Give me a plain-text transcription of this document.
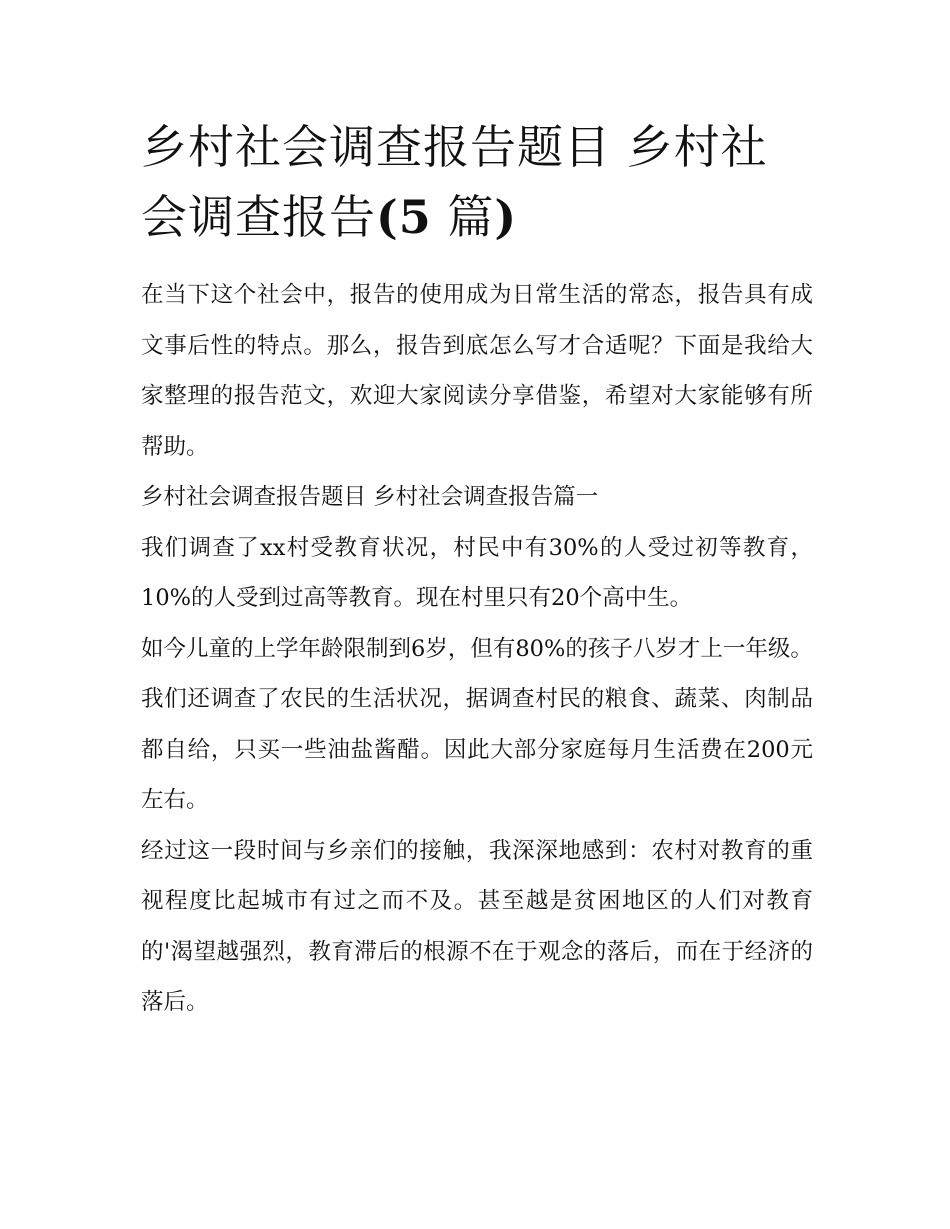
乡村社会调查报告题目 乡村社会调查报告(5 篇)

在当下这个社会中，报告的使用成为日常生活的常态，报告具有成文事后性的特点。那么，报告到底怎么写才合适呢？下面是我给大家整理的报告范文，欢迎大家阅读分享借鉴，希望对大家能够有所帮助。

乡村社会调查报告题目 乡村社会调查报告篇一

我们调查了xx村受教育状况，村民中有30%的人受过初等教育，10%的人受到过高等教育。现在村里只有20个高中生。

如今儿童的上学年龄限制到6岁，但有80%的孩子八岁才上一年级。

我们还调查了农民的生活状况，据调查村民的粮食、蔬菜、肉制品都自给，只买一些油盐酱醋。因此大部分家庭每月生活费在200元左右。

经过这一段时间与乡亲们的接触，我深深地感到：农村对教育的重视程度比起城市有过之而不及。甚至越是贫困地区的人们对教育的'渴望越强烈，教育滞后的根源不在于观念的落后，而在于经济的落后。
